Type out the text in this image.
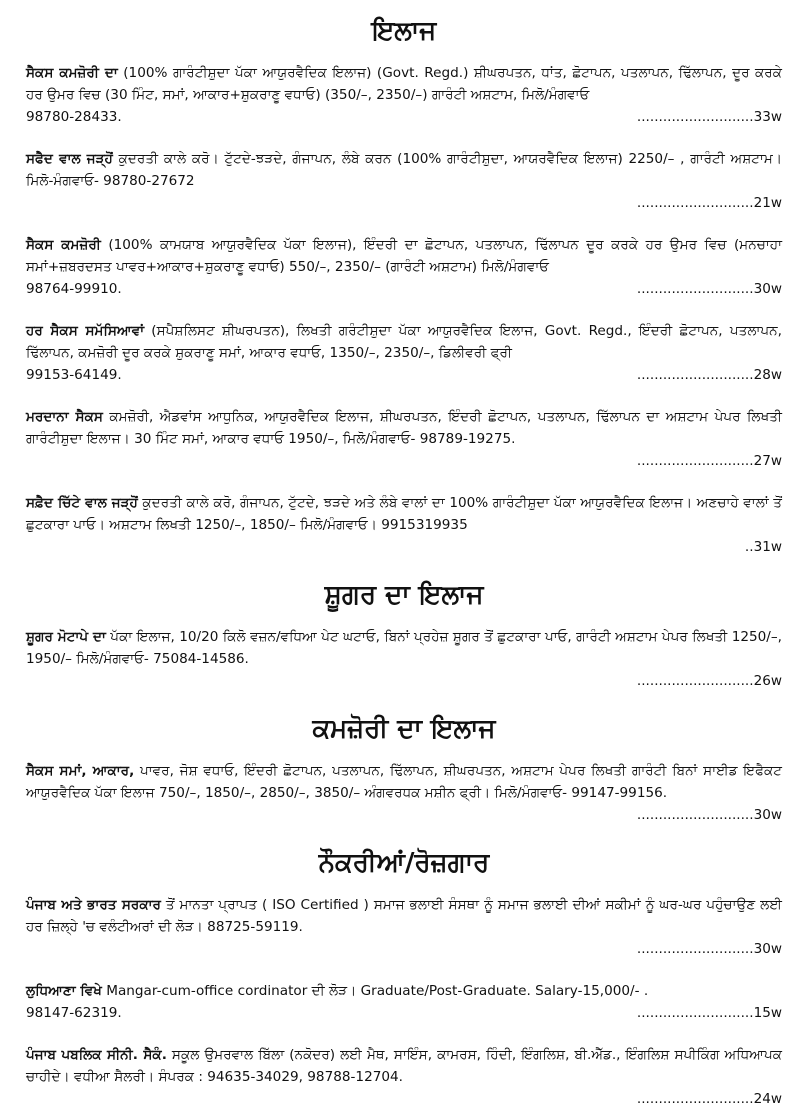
ਇਲਾਜ
ਸੈਕਸ ਕਮਜ਼ੋਰੀ ਦਾ (100% ਗਾਰੰਟੀਸ਼ੁਦਾ ਪੱਕਾ ਆਯੁਰਵੈਦਿਕ ਇਲਾਜ) (Govt. Regd.) ਸ਼ੀਘਰਪਤਨ, ਧਾਂਤ, ਛੋਟਾਪਨ, ਪਤਲਾਪਨ, ਢਿੱਲਾਪਨ, ਦੂਰ ਕਰਕੇ ਹਰ ਉਮਰ ਵਿਚ (30 ਮਿੰਟ, ਸਮਾਂ, ਆਕਾਰ+ਸ਼ੁਕਰਾਣੂ ਵਧਾਓ) (350/–, 2350/–) ਗਾਰੰਟੀ ਅਸ਼ਟਾਮ, ਮਿਲੋ/ਮੰਗਵਾਓ
98780-28433.	........................... 33w
ਸਫੈਦ ਵਾਲ ਜੜ੍ਹੋਂ ਕੁਦਰਤੀ ਕਾਲੇ ਕਰੋ। ਟੁੱਟਦੇ-ਝੜਦੇ, ਗੰਜਾਪਨ, ਲੰਬੇ ਕਰਨ (100% ਗਾਰੰਟੀਸ਼ੁਦਾ, ਆਯਰਵੈਦਿਕ ਇਲਾਜ) 2250/– , ਗਾਰੰਟੀ ਅਸ਼ਟਾਮ। ਮਿਲੋ-ਮੰਗਵਾਓ- 98780-27672
........................... 21w
ਸੈਕਸ ਕਮਜ਼ੋਰੀ (100% ਕਾਮਯਾਬ ਆਯੁਰਵੈਦਿਕ ਪੱਕਾ ਇਲਾਜ), ਇੰਦਰੀ ਦਾ ਛੋਟਾਪਨ, ਪਤਲਾਪਨ, ਢਿੱਲਾਪਨ ਦੂਰ ਕਰਕੇ ਹਰ ਉਮਰ ਵਿਚ (ਮਨਚਾਹਾ ਸਮਾਂ+ਜ਼ਬਰਦਸਤ ਪਾਵਰ+ਆਕਾਰ+ਸ਼ੁਕਰਾਣੂ ਵਧਾਓ) 550/–, 2350/– (ਗਾਰੰਟੀ ਅਸ਼ਟਾਮ) ਮਿਲੋ/ਮੰਗਵਾਓ
98764-99910.	........................... 30w
ਹਰ ਸੈਕਸ ਸਮੱਸਿਆਵਾਂ (ਸਪੈਸ਼ਲਿਸਟ ਸ਼ੀਘਰਪਤਨ), ਲਿਖਤੀ ਗਰੰਟੀਸ਼ੁਦਾ ਪੱਕਾ ਆਯੁਰਵੈਦਿਕ ਇਲਾਜ, Govt. Regd., ਇੰਦਰੀ ਛੋਟਾਪਨ, ਪਤਲਾਪਨ, ਢਿੱਲਾਪਨ, ਕਮਜ਼ੋਰੀ ਦੂਰ ਕਰਕੇ ਸ਼ੁਕਰਾਣੂ ਸਮਾਂ, ਆਕਾਰ ਵਧਾਓ, 1350/–, 2350/–, ਡਿਲੀਵਰੀ ਫ੍ਰੀ
99153-64149.	........................... 28w
ਮਰਦਾਨਾ ਸੈਕਸ ਕਮਜ਼ੋਰੀ, ਐਡਵਾਂਸ ਆਧੁਨਿਕ, ਆਯੁਰਵੈਦਿਕ ਇਲਾਜ, ਸ਼ੀਘਰਪਤਨ, ਇੰਦਰੀ ਛੋਟਾਪਨ, ਪਤਲਾਪਨ, ਢਿੱਲਾਪਨ ਦਾ ਅਸ਼ਟਾਮ ਪੇਪਰ ਲਿਖਤੀ ਗਾਰੰਟੀਸ਼ੁਦਾ ਇਲਾਜ। 30 ਮਿੰਟ ਸਮਾਂ, ਆਕਾਰ ਵਧਾਓ 1950/–, ਮਿਲੋ/ਮੰਗਵਾਓ- 98789-19275.
........................... 27w
ਸਫ਼ੈਦ ਚਿੱਟੇ ਵਾਲ ਜੜ੍ਹੋਂ ਕੁਦਰਤੀ ਕਾਲੇ ਕਰੋ, ਗੰਜਾਪਨ, ਟੁੱਟਦੇ, ਝੜਦੇ ਅਤੇ ਲੰਬੇ ਵਾਲਾਂ ਦਾ 100% ਗਾਰੰਟੀਸ਼ੁਦਾ ਪੱਕਾ ਆਯੁਰਵੈਦਿਕ ਇਲਾਜ। ਅਣਚਾਹੇ ਵਾਲਾਂ ਤੋਂ ਛੁਟਕਾਰਾ ਪਾਓ। ਅਸ਼ਟਾਮ ਲਿਖਤੀ 1250/–, 1850/– ਮਿਲੋ/ਮੰਗਵਾਓ। 9915319935
.. 31w
ਸ਼ੂਗਰ ਦਾ ਇਲਾਜ
ਸ਼ੂਗਰ ਮੋਟਾਪੇ ਦਾ ਪੱਕਾ ਇਲਾਜ, 10/20 ਕਿਲੋ ਵਜ਼ਨ/ਵਧਿਆ ਪੇਟ ਘਟਾਓ, ਬਿਨਾਂ ਪ੍ਰਹੇਜ਼ ਸ਼ੂਗਰ ਤੋਂ ਛੁਟਕਾਰਾ ਪਾਓ, ਗਾਰੰਟੀ ਅਸ਼ਟਾਮ ਪੇਪਰ ਲਿਖਤੀ 1250/–, 1950/– ਮਿਲੋ/ਮੰਗਵਾਓ- 75084-14586.
........................... 26w
ਕਮਜ਼ੋਰੀ ਦਾ ਇਲਾਜ
ਸੈਕਸ ਸਮਾਂ, ਆਕਾਰ, ਪਾਵਰ, ਜੋਸ਼ ਵਧਾਓ, ਇੰਦਰੀ ਛੋਟਾਪਨ, ਪਤਲਾਪਨ, ਢਿੱਲਾਪਨ, ਸ਼ੀਘਰਪਤਨ, ਅਸ਼ਟਾਮ ਪੇਪਰ ਲਿਖਤੀ ਗਾਰੰਟੀ ਬਿਨਾਂ ਸਾਈਡ ਇਫੈਕਟ ਆਯੁਰਵੈਦਿਕ ਪੱਕਾ ਇਲਾਜ 750/–, 1850/–, 2850/–, 3850/– ਅੰਗਵਰਧਕ ਮਸ਼ੀਨ ਫ੍ਰੀ। ਮਿਲੋ/ਮੰਗਵਾਓ- 99147-99156.
........................... 30w
ਨੌਕਰੀਆਂ/ਰੋਜ਼ਗਾਰ
ਪੰਜਾਬ ਅਤੇ ਭਾਰਤ ਸਰਕਾਰ ਤੋਂ ਮਾਨਤਾ ਪ੍ਰਾਪਤ ( ISO Certified ) ਸਮਾਜ ਭਲਾਈ ਸੰਸਥਾ ਨੂੰ ਸਮਾਜ ਭਲਾਈ ਦੀਆਂ ਸਕੀਮਾਂ ਨੂੰ ਘਰ-ਘਰ ਪਹੁੰਚਾਉਣ ਲਈ ਹਰ ਜ਼ਿਲ੍ਹੇ 'ਚ ਵਲੰਟੀਅਰਾਂ ਦੀ ਲੋੜ। 88725-59119.
........................... 30w
ਲੁਧਿਆਣਾ ਵਿਖੇ Mangar-cum-office cordinator ਦੀ ਲੋੜ। Graduate/Post-Graduate. Salary-15,000/- .
98147-62319.	........................... 15w
ਪੰਜਾਬ ਪਬਲਿਕ ਸੀਨੀ. ਸੈਕੰ. ਸਕੂਲ ਉਮਰਵਾਲ ਬਿੱਲਾ (ਨਕੋਦਰ) ਲਈ ਮੈਥ, ਸਾਇੰਸ, ਕਾਮਰਸ, ਹਿੰਦੀ, ਇੰਗਲਿਸ਼, ਬੀ.ਐੱਡ., ਇੰਗਲਿਸ਼ ਸਪੀਕਿੰਗ ਅਧਿਆਪਕ ਚਾਹੀਦੇ। ਵਧੀਆ ਸੈਲਰੀ। ਸੰਪਰਕ : 94635-34029, 98788-12704.
........................... 24w
